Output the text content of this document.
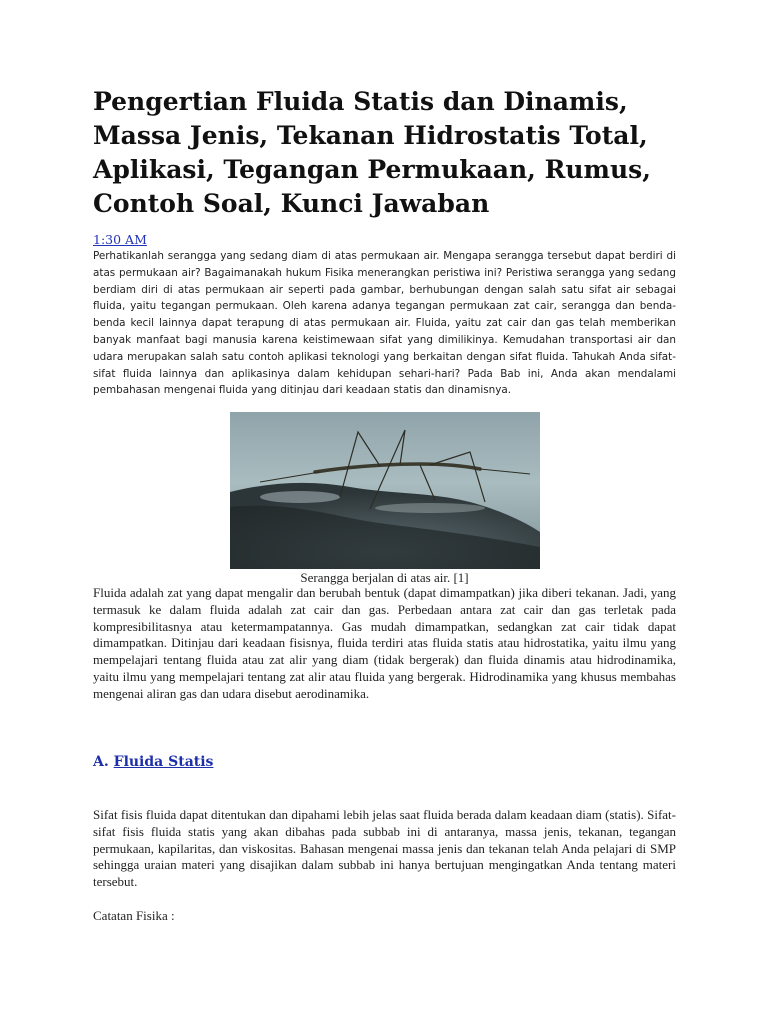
Pengertian Fluida Statis dan Dinamis, Massa Jenis, Tekanan Hidrostatis Total, Aplikasi, Tegangan Permukaan, Rumus, Contoh Soal, Kunci Jawaban
1:30 AM

Perhatikanlah serangga yang sedang diam di atas permukaan air. Mengapa serangga tersebut dapat berdiri di atas permukaan air? Bagaimanakah hukum Fisika menerangkan peristiwa ini? Peristiwa serangga yang sedang berdiam diri di atas permukaan air seperti pada gambar, berhubungan dengan salah satu sifat air sebagai fluida, yaitu tegangan permukaan. Oleh karena adanya tegangan permukaan zat cair, serangga dan benda-benda kecil lainnya dapat terapung di atas permukaan air. Fluida, yaitu zat cair dan gas telah memberikan banyak manfaat bagi manusia karena keistimewaan sifat yang dimilikinya. Kemudahan transportasi air dan udara merupakan salah satu contoh aplikasi teknologi yang berkaitan dengan sifat fluida. Tahukah Anda sifat-sifat fluida lainnya dan aplikasinya dalam kehidupan sehari-hari? Pada Bab ini, Anda akan mendalami pembahasan mengenai fluida yang ditinjau dari keadaan statis dan dinamisnya.

Serangga berjalan di atas air. [1]

Fluida adalah zat yang dapat mengalir dan berubah bentuk (dapat dimampatkan) jika diberi tekanan. Jadi, yang termasuk ke dalam fluida adalah zat cair dan gas. Perbedaan antara zat cair dan gas terletak pada kompresibilitasnya atau ketermampatannya. Gas mudah dimampatkan, sedangkan zat cair tidak dapat dimampatkan. Ditinjau dari keadaan fisisnya, fluida terdiri atas fluida statis atau hidrostatika, yaitu ilmu yang mempelajari tentang fluida atau zat alir yang diam (tidak bergerak) dan fluida dinamis atau hidrodinamika, yaitu ilmu yang mempelajari tentang zat alir atau fluida yang bergerak. Hidrodinamika yang khusus membahas mengenai aliran gas dan udara disebut aerodinamika.

A. Fluida Statis

Sifat fisis fluida dapat ditentukan dan dipahami lebih jelas saat fluida berada dalam keadaan diam (statis). Sifat-sifat fisis fluida statis yang akan dibahas pada subbab ini di antaranya, massa jenis, tekanan, tegangan permukaan, kapilaritas, dan viskositas. Bahasan mengenai massa jenis dan tekanan telah Anda pelajari di SMP sehingga uraian materi yang disajikan dalam subbab ini hanya bertujuan mengingatkan Anda tentang materi tersebut.

Catatan Fisika :
